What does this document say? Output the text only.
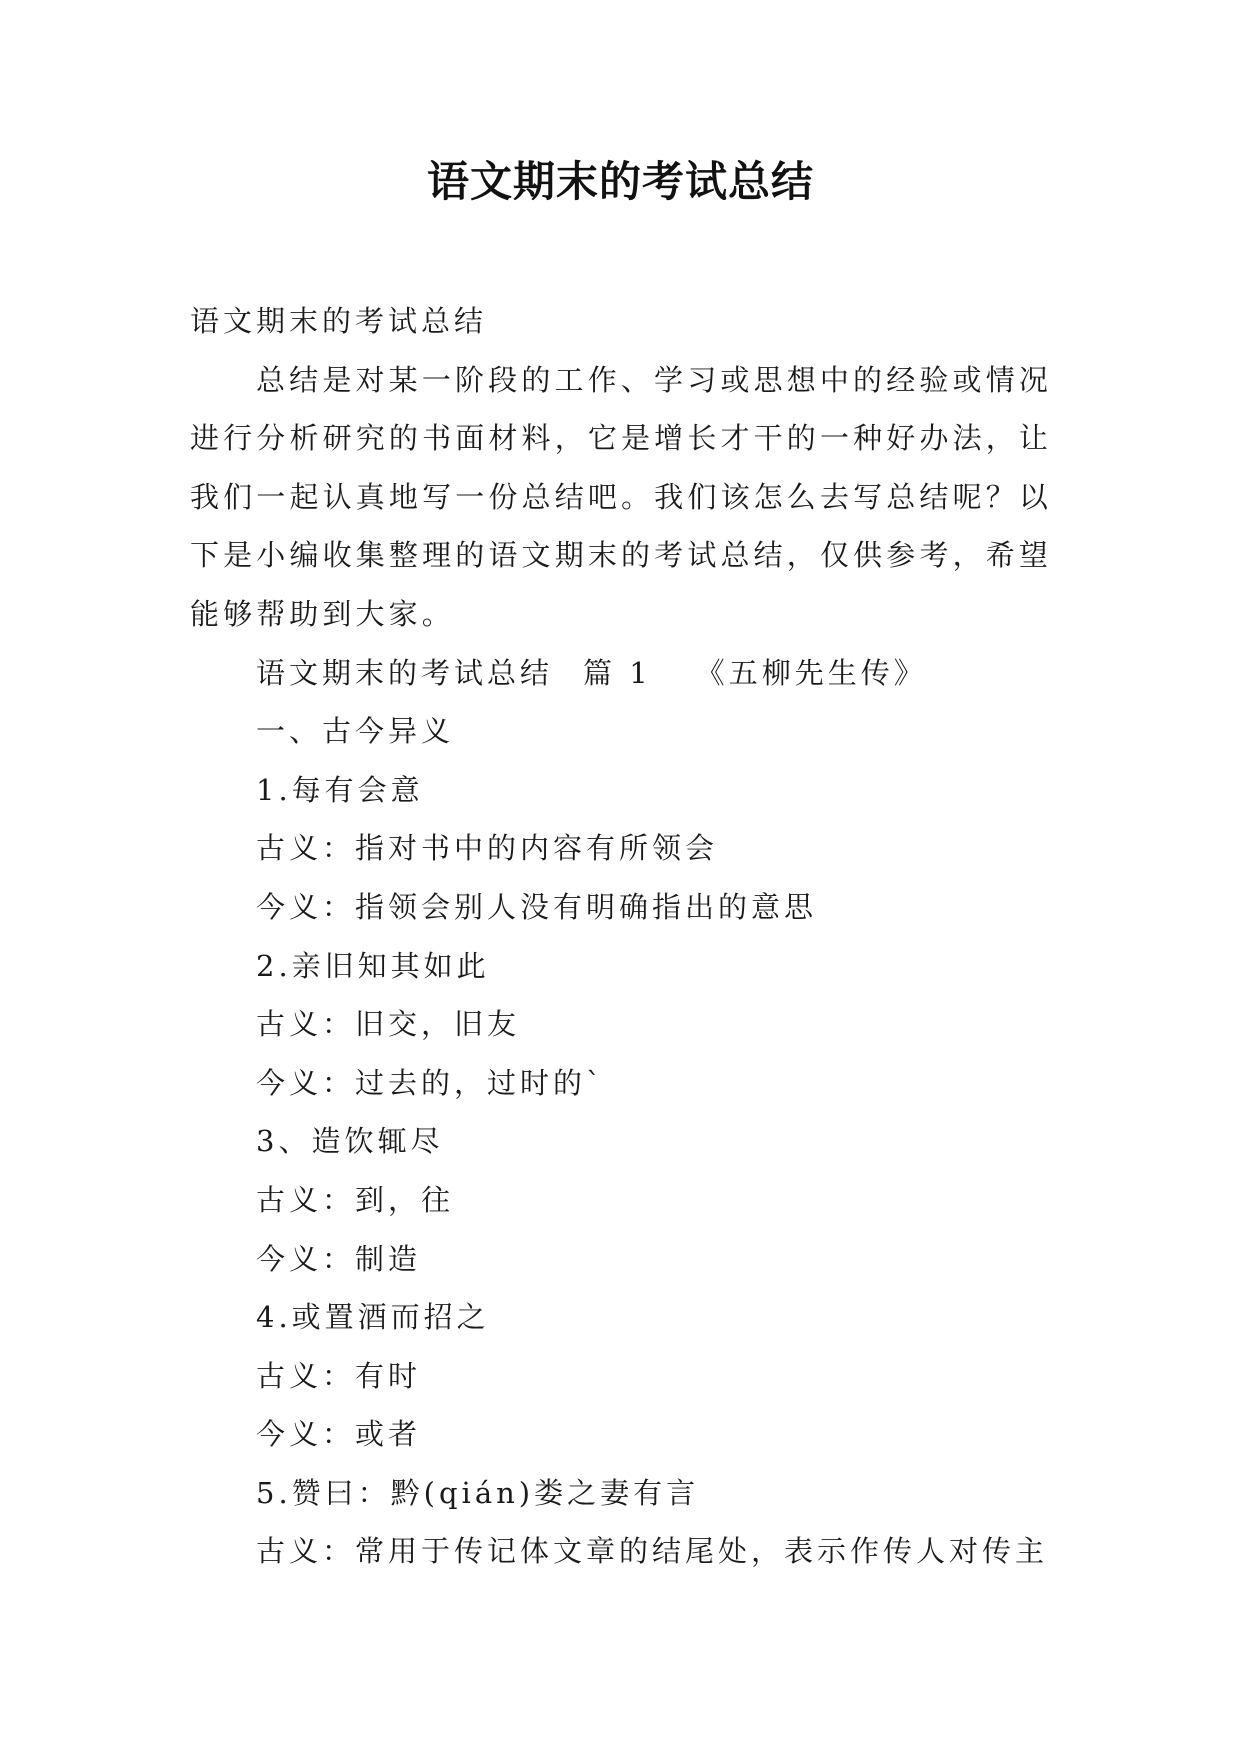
语文期末的考试总结
语文期末的考试总结
总结是对某一阶段的工作、学习或思想中的经验或情况进行分析研究的书面材料，它是增长才干的一种好办法，让我们一起认真地写一份总结吧。我们该怎么去写总结呢？以下是小编收集整理的语文期末的考试总结，仅供参考，希望能够帮助到大家。
语文期末的考试总结 篇 1 《五柳先生传》
一、古今异义
1.每有会意
古义：指对书中的内容有所领会
今义：指领会别人没有明确指出的意思
2.亲旧知其如此
古义：旧交，旧友
今义：过去的，过时的`
3、造饮辄尽
古义：到，往
今义：制造
4.或置酒而招之
古义：有时
今义：或者
5.赞曰：黔(qián)娄之妻有言
古义：常用于传记体文章的结尾处，表示作传人对传主
